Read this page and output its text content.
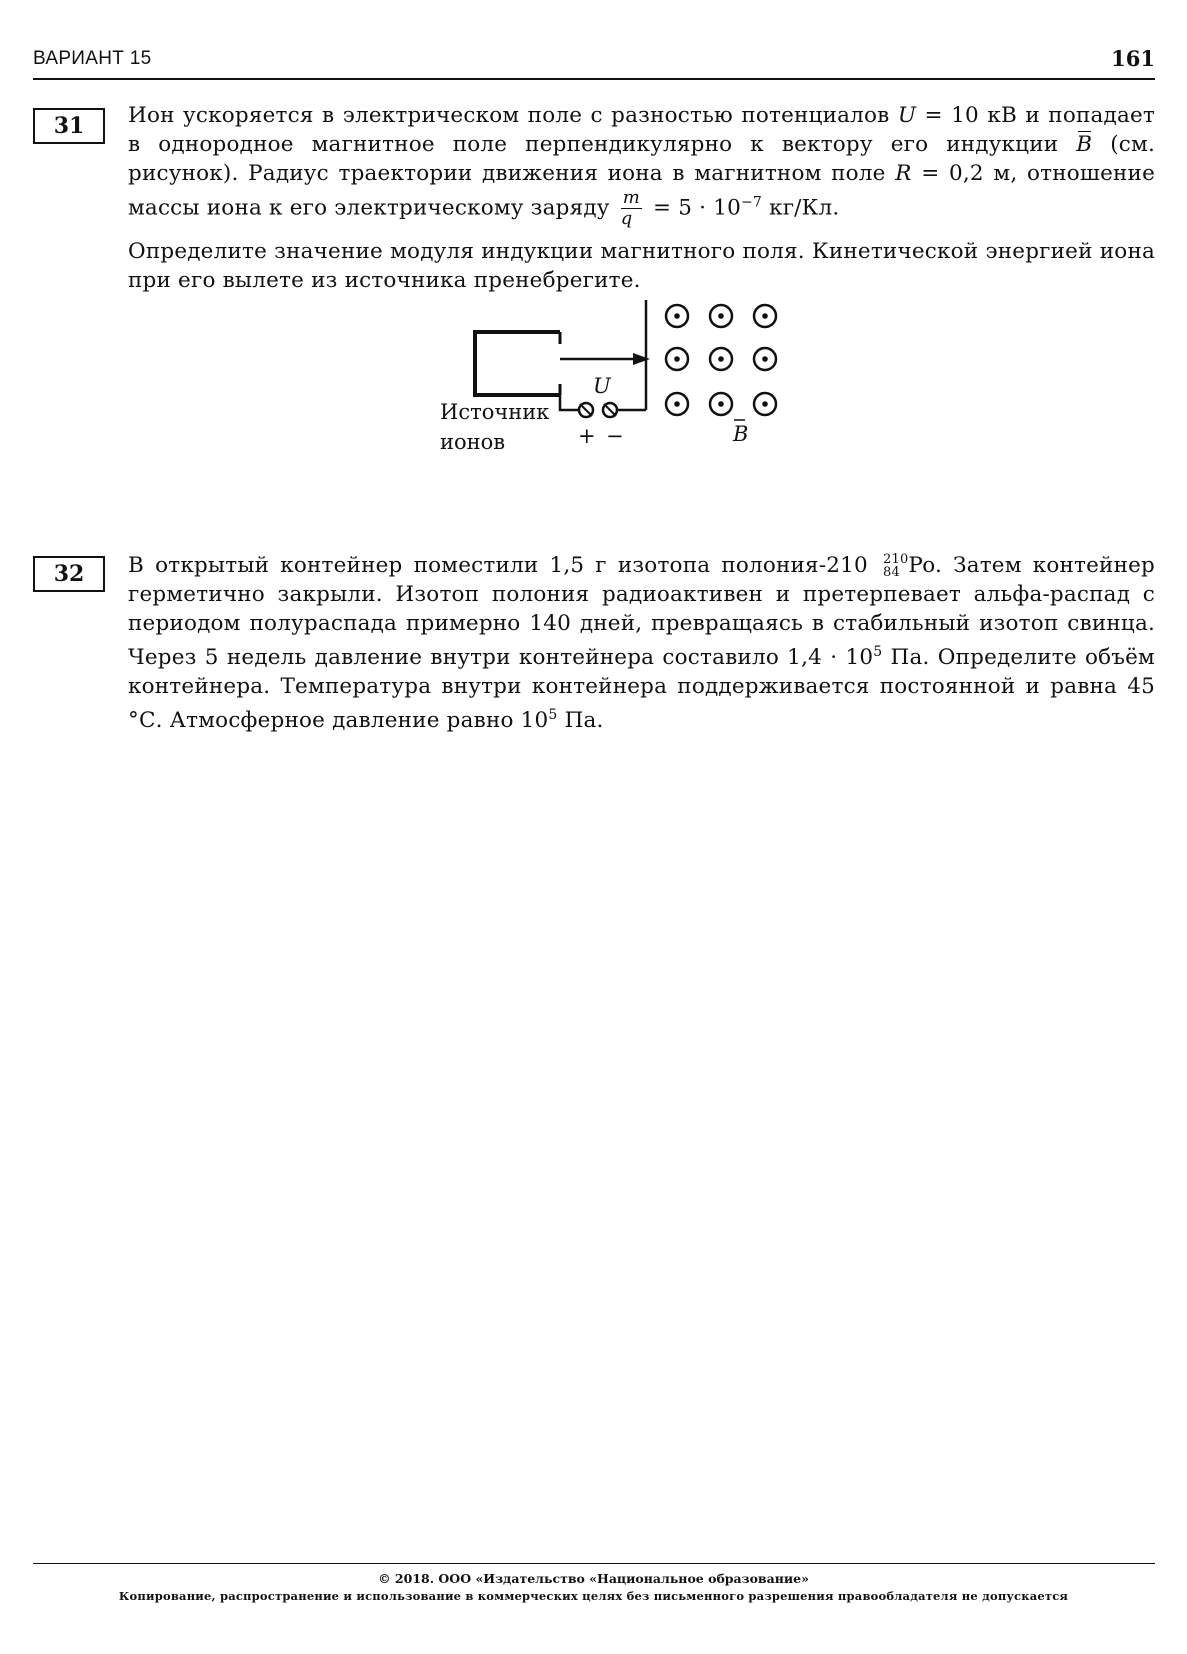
ВАРИАНТ 15	161
31	Ион ускоряется в электрическом поле с разностью потенциалов U = 10 кВ и попадает в однородное магнитное поле перпендикулярно к вектору его индукции B (см. рисунок). Радиус траектории движения иона в магнитном поле R = 0,2 м, отношение массы иона к его электрическому заряду $\frac{m}{q} = 5 \cdot 10^{-7}$ кг/Кл.

Определите значение модуля индукции магнитного поля. Кинетической энергией иона при его вылете из источника пренебрегите.

Источник
ионов
U
+ −	B
32	В открытый контейнер поместили 1,5 г изотопа полония-210 210
84 Po. Затем контейнер герметично закрыли. Изотоп полония радиоактивен и претерпевает альфа-распад с периодом полураспада примерно 140 дней, превращаясь в стабильный изотоп свинца. Через 5 недель давление внутри контейнера составило $1,4 \cdot 10^5$ Па. Определите объём контейнера. Температура внутри контейнера поддерживается постоянной и равна 45 °С. Атмосферное давление равно $10^5$ Па.

© 2018. ООО «Издательство «Национальное образование»
Копирование, распространение и использование в коммерческих целях без письменного разрешения правообладателя не допускается
